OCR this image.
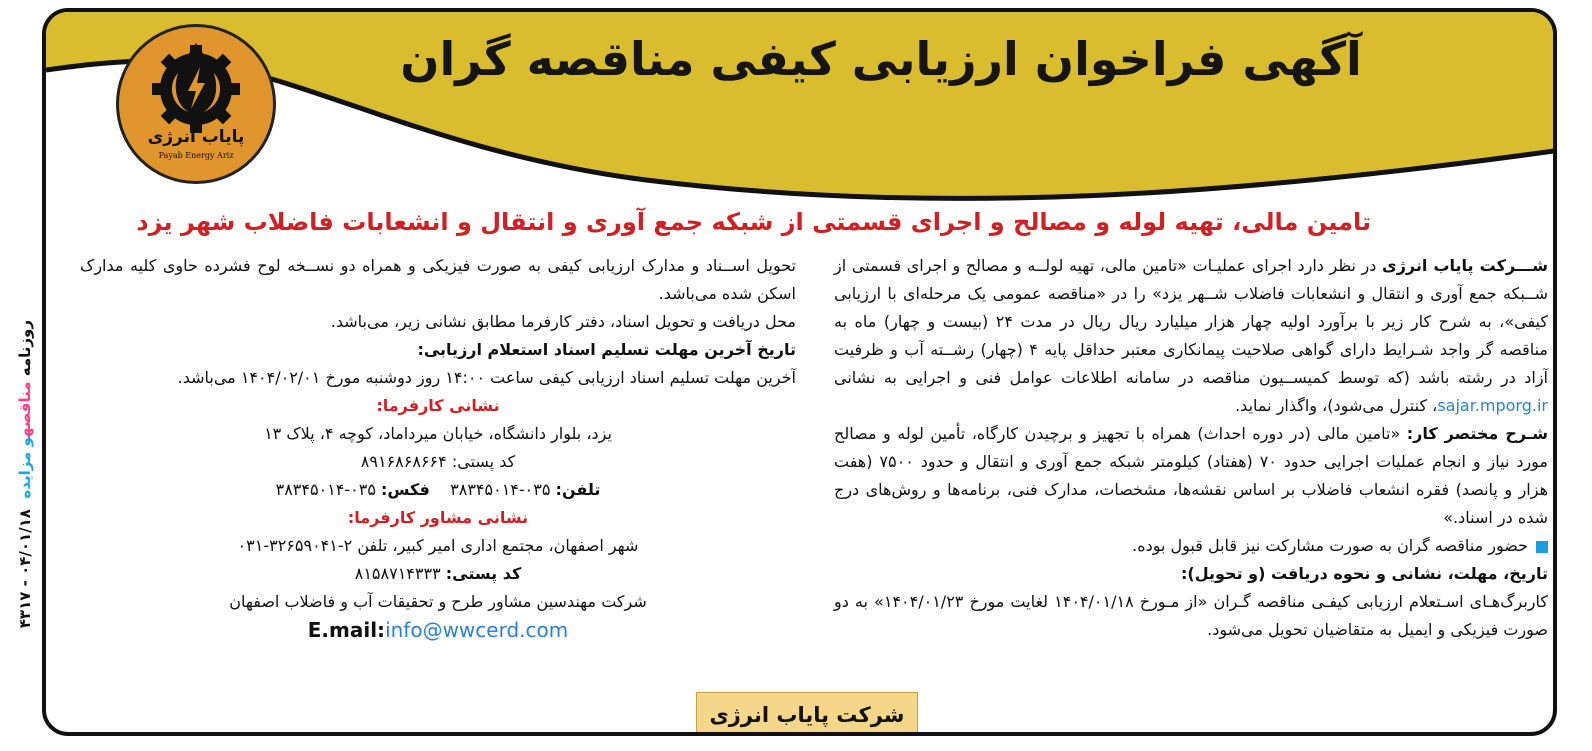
آگهی فراخوان ارزیابی کیفی مناقصه گران
پایاب انرژی
Payab Energy Ariz
تامین مالی، تهیه لوله و مصالح و اجرای قسمتی از شبکه جمع آوری و انتقال و انشعابات فاضلاب شهر یزد

شـــرکت پایاب انرژی در نظر دارد اجرای عملیـات «تامین مالی، تهیه لولــه و مصالح و اجرای قسمتی از شــبکه جمع آوری و انتقال و انشعابات فاضلاب شــهر یزد» را در «مناقصه عمومی یک مرحله‌ای با ارزیابی کیفی»، به شرح کار زیر با برآورد اولیه چهار هزار میلیارد ریال ریال در مدت ۲۴ (بیست و چهار) ماه به مناقصه گر واجد شـرایط دارای گواهی صلاحیت پیمانکاری معتبر حداقل پایه ۴ (چهار) رشــته آب و ظرفیت آزاد در رشته باشد (که توسط کمیســیون مناقصه در سامانه اطلاعات عوامل فنی و اجرایی به نشانی sajar.mporg.ir، کنترل می‌شود)، واگذار نماید.

شـرح مختصر کار: «تامین مالی (در دوره احداث) همراه با تجهیز و برچیدن کارگاه، تأمین لوله و مصالح مورد نیاز و انجام عملیات اجرایی حدود ۷۰ (هفتاد) کیلومتر شبکه جمع آوری و انتقال و حدود ۷۵۰۰ (هفت هزار و پانصد) فقره انشعاب فاضلاب بر اساس نقشه‌ها، مشخصات، مدارک فنی، برنامه‌ها و روش‌های درج شده در اسناد.»

حضور مناقصه گران به صورت مشارکت نیز قابل قبول بوده.

تاریخ، مهلت، نشانی و نحوه دریافت (و تحویل):

کاربرگ‌هـای اسـتعلام ارزیابی کیفـی مناقصه گـران «از مـورخ ۱۴۰۴/۰۱/۱۸ لغایت مورخ ۱۴۰۴/۰۱/۲۳» به دو صورت فیزیکی و ایمیل به متقاضیان تحویل می‌شود.

تحویل اســناد و مدارک ارزیابی کیفی به صورت فیزیکی و همراه دو نســخه لوح فشرده حاوی کلیه مدارک اسکن شده می‌باشد.

محل دریافت و تحویل اسناد، دفتر کارفرما مطابق نشانی زیر، می‌باشد.

تاریخ آخرین مهلت تسلیم اسناد استعلام ارزیابی:

آخرین مهلت تسلیم اسناد ارزیابی کیفی ساعت ۱۴:۰۰ روز دوشنبه مورخ ۱۴۰۴/۰۲/۰۱ می‌باشد.

نشانی کارفرما:

یزد، بلوار دانشگاه، خیابان میرداماد، کوچه ۴، پلاک ۱۳

کد پستی: ۸۹۱۶۸۶۸۶۶۴

تلفن: ۰۳۵-۳۸۳۴۵۰۱۴    فکس: ۰۳۵-۳۸۳۴۵۰۱۴

نشانی مشاور کارفرما:

شهر اصفهان، مجتمع اداری امیر کبیر، تلفن ۲-۳۲۶۵۹۰۴۱-۰۳۱

کد پستی: ۸۱۵۸۷۱۴۳۳۳

شرکت مهندسین مشاور طرح و تحقیقات آب و فاضلاب اصفهان

E.mail:info@wwcerd.com

شرکت پایاب انرژی
روزنامه مناقصهو مزایده  ۰۴/۰۱/۱۸ - ۴۳۱۷
